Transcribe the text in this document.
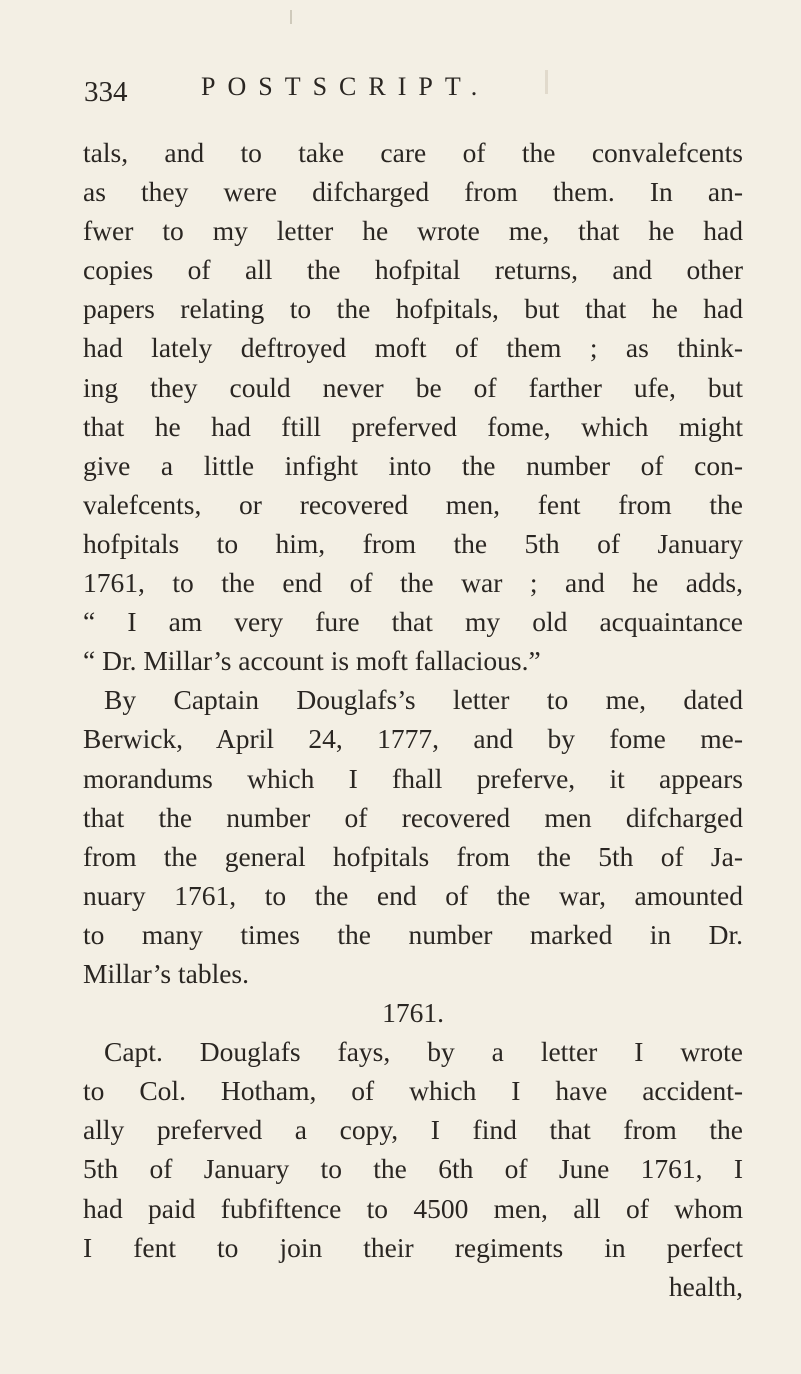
334	POSTSCRIPT.
tals, and to take care of the convalefcents
as they were difcharged from them. In an-
fwer to my letter he wrote me, that he had
copies of all the hofpital returns, and other
papers relating to the hofpitals, but that he had
had lately deftroyed moft of them ; as think-
ing they could never be of farther ufe, but
that he had ftill preferved fome, which might
give a little infight into the number of con-
valefcents, or recovered men, fent from the
hofpitals to him, from the 5th of January
1761, to the end of the war ; and he adds,
“ I am very fure that my old acquaintance
“ Dr. Millar’s account is moft fallacious.”
By Captain Douglafs’s letter to me, dated
Berwick, April 24, 1777, and by fome me-
morandums which I fhall preferve, it appears
that the number of recovered men difcharged
from the general hofpitals from the 5th of Ja-
nuary 1761, to the end of the war, amounted
to many times the number marked in Dr.
Millar’s tables.
1761.
Capt. Douglafs fays, by a letter I wrote
to Col. Hotham, of which I have accident-
ally preferved a copy, I find that from the
5th of January to the 6th of June 1761, I
had paid fubfiftence to 4500 men, all of whom
I fent to join their regiments in perfect
health,
